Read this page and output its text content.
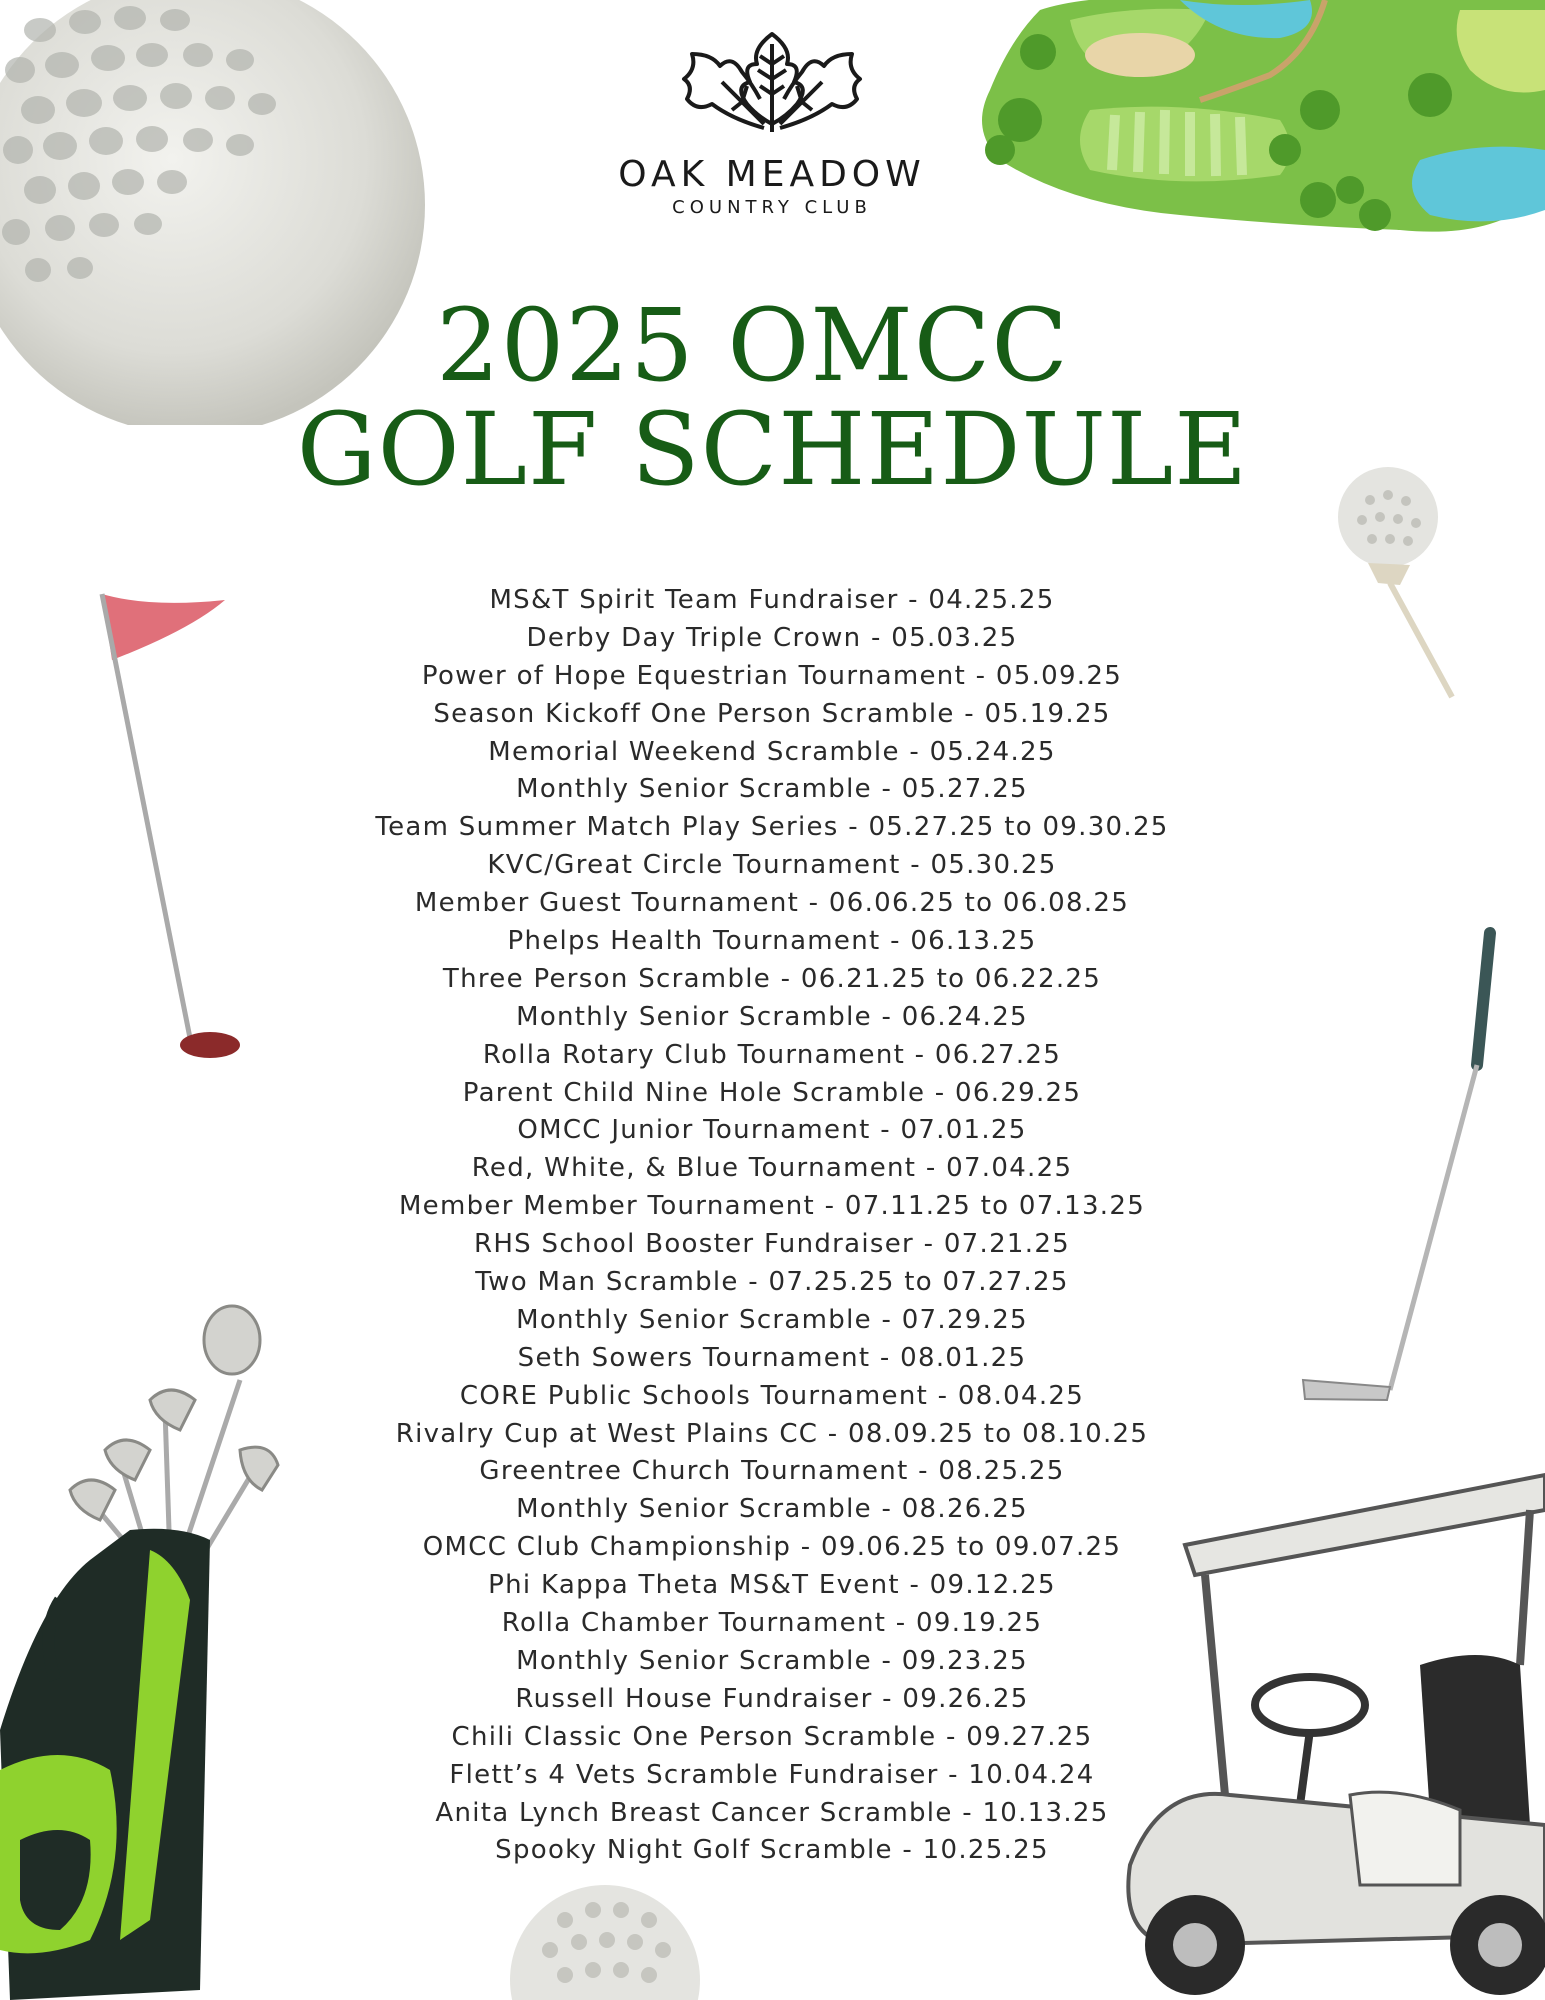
OAK MEADOW
COUNTRY CLUB
2025 OMCC
GOLF SCHEDULE
MS&T Spirit Team Fundraiser - 04.25.25
Derby Day Triple Crown - 05.03.25
Power of Hope Equestrian Tournament - 05.09.25
Season Kickoff One Person Scramble - 05.19.25
Memorial Weekend Scramble - 05.24.25
Monthly Senior Scramble - 05.27.25
Team Summer Match Play Series - 05.27.25 to 09.30.25
KVC/Great Circle Tournament - 05.30.25
Member Guest Tournament - 06.06.25 to 06.08.25
Phelps Health Tournament - 06.13.25
Three Person Scramble - 06.21.25 to 06.22.25
Monthly Senior Scramble - 06.24.25
Rolla Rotary Club Tournament - 06.27.25
Parent Child Nine Hole Scramble - 06.29.25
OMCC Junior Tournament - 07.01.25
Red, White, & Blue Tournament - 07.04.25
Member Member Tournament - 07.11.25 to 07.13.25
RHS School Booster Fundraiser - 07.21.25
Two Man Scramble - 07.25.25 to 07.27.25
Monthly Senior Scramble - 07.29.25
Seth Sowers Tournament - 08.01.25
CORE Public Schools Tournament - 08.04.25
Rivalry Cup at West Plains CC - 08.09.25 to 08.10.25
Greentree Church Tournament - 08.25.25
Monthly Senior Scramble - 08.26.25
OMCC Club Championship - 09.06.25 to 09.07.25
Phi Kappa Theta MS&T Event - 09.12.25
Rolla Chamber Tournament - 09.19.25
Monthly Senior Scramble - 09.23.25
Russell House Fundraiser - 09.26.25
Chili Classic One Person Scramble - 09.27.25
Flett’s 4 Vets Scramble Fundraiser - 10.04.24
Anita Lynch Breast Cancer Scramble - 10.13.25
Spooky Night Golf Scramble - 10.25.25
